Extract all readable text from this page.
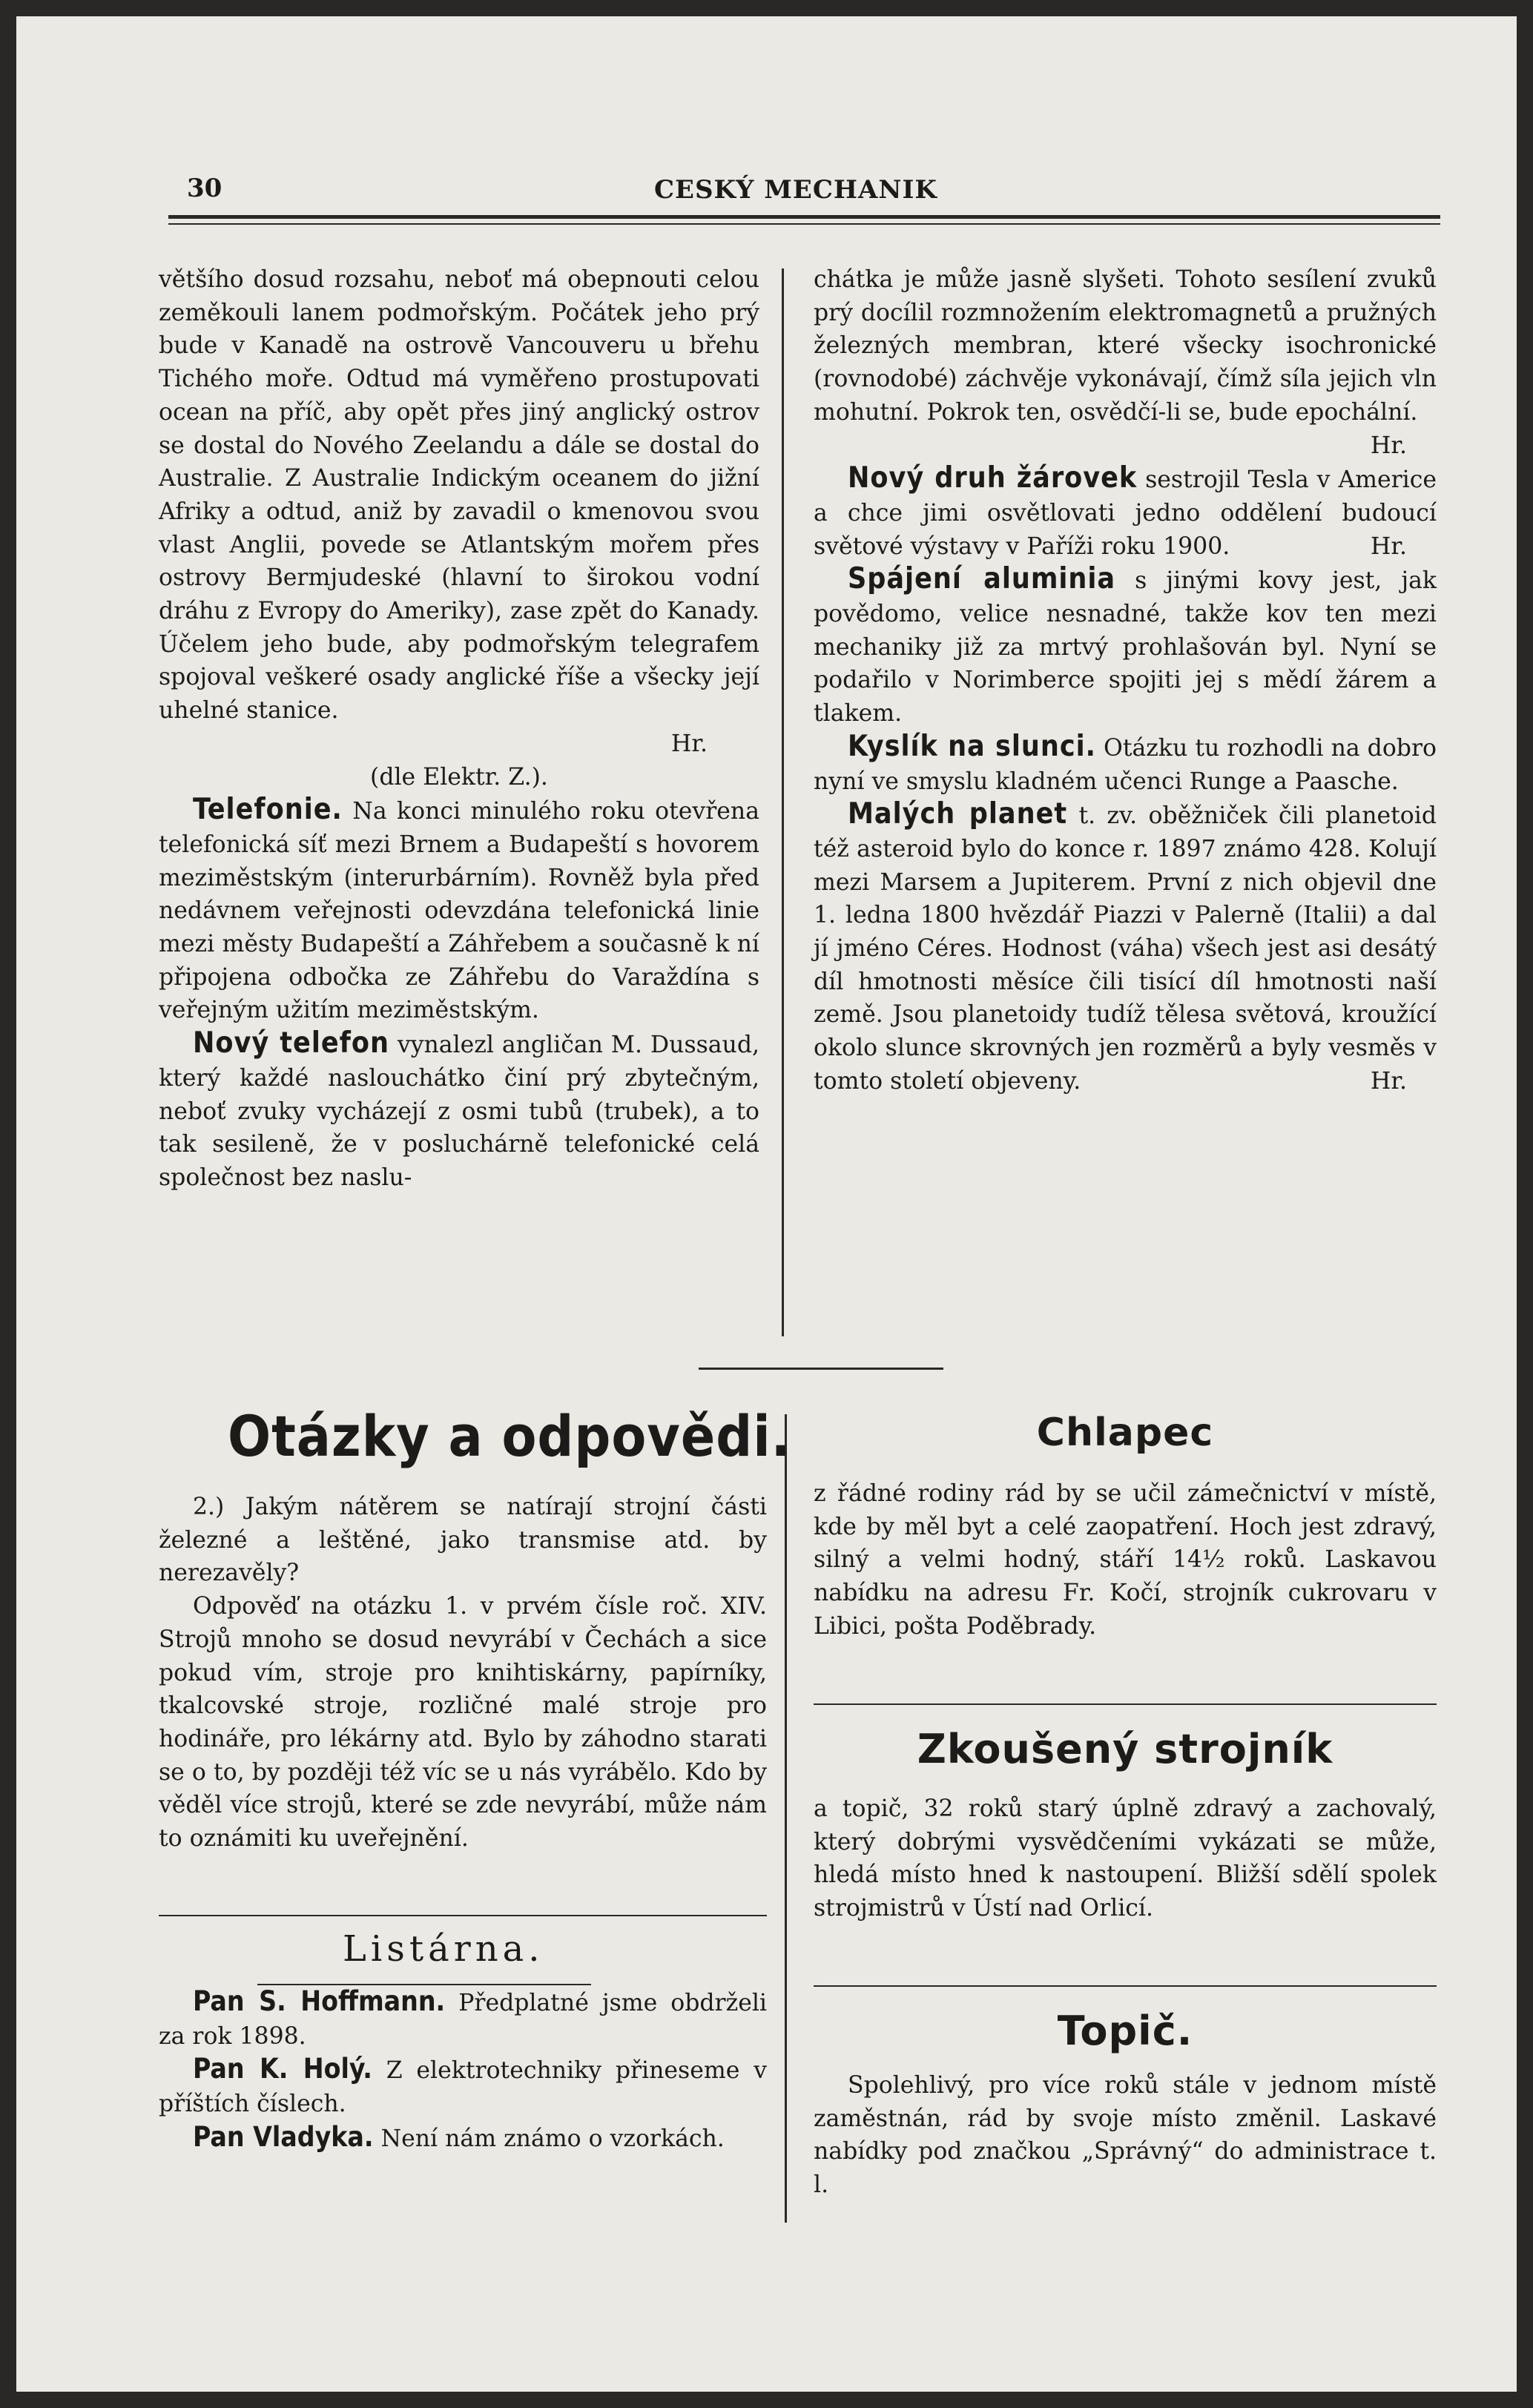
30	CESKÝ MECHANIK

většího dosud rozsahu, neboť má obepnouti celou zeměkouli lanem podmořským. Počátek jeho prý bude v Kanadě na ostrově Vancouveru u břehu Tichého moře. Odtud má vyměřeno prostupovati ocean na příč, aby opět přes jiný anglický ostrov se dostal do Nového Zeelandu a dále se dostal do Australie. Z Australie Indickým oceanem do jižní Afriky a odtud, aniž by zavadil o kmenovou svou vlast Anglii, povede se Atlantským mořem přes ostrovy Bermjudeské (hlavní to širokou vodní dráhu z Evropy do Ameriky), zase zpět do Kanady. Účelem jeho bude, aby podmořským telegrafem spojoval veškeré osady anglické říše a všecky její uhelné stanice.

Hr.

(dle Elektr. Z.).

Telefonie. Na konci minulého roku otevřena telefonická síť mezi Brnem a Budapeští s hovorem meziměstským (interurbárním). Rovněž byla před nedávnem veřejnosti odevzdána telefonická linie mezi městy Budapeští a Záhřebem a současně k ní připojena odbočka ze Záhřebu do Varaždína s veřejným užitím meziměstským.

Nový telefon vynalezl angličan M. Dussaud, který každé naslouchátko činí prý zbytečným, neboť zvuky vycházejí z osmi tubů (trubek), a to tak sesileně, že v posluchárně telefonické celá společnost bez naslu-

chátka je může jasně slyšeti. Tohoto sesílení zvuků prý docílil rozmnožením elektromagnetů a pružných železných membran, které všecky isochronické (rovnodobé) záchvěje vykonávají, čímž síla jejich vln mohutní. Pokrok ten, osvědčí-li se, bude epochální.
Hr.

Nový druh žárovek sestrojil Tesla v Americe a chce jimi osvětlovati jedno oddělení budoucí světové výstavy v Paříži roku 1900.	Hr.

Spájení aluminia s jinými kovy jest, jak povědomo, velice nesnadné, takže kov ten mezi mechaniky již za mrtvý prohlašován byl. Nyní se podařilo v Norimberce spojiti jej s mědí žárem a tlakem.

Kyslík na slunci. Otázku tu rozhodli na dobro nyní ve smyslu kladném učenci Runge a Paasche.

Malých planet t. zv. oběžniček čili planetoid též asteroid bylo do konce r. 1897 známo 428. Kolují mezi Marsem a Jupiterem. První z nich objevil dne 1. ledna 1800 hvězdář Piazzi v Palerně (Italii) a dal jí jméno Céres. Hodnost (váha) všech jest asi desátý díl hmotnosti měsíce čili tisící díl hmotnosti naší země. Jsou planetoidy tudíž tělesa světová, kroužící okolo slunce skrovných jen rozměrů a byly vesměs v tomto století objeveny.	Hr.

Otázky a odpovědi.

2.) Jakým nátěrem se natírají strojní části železné a leštěné, jako transmise atd. by nerezavěly?

Odpověď na otázku 1. v prvém čísle roč. XIV. Strojů mnoho se dosud nevyrábí v Čechách a sice pokud vím, stroje pro knihtiskárny, papírníky, tkalcovské stroje, rozličné malé stroje pro hodináře, pro lékárny atd. Bylo by záhodno starati se o to, by později též víc se u nás vyrábělo. Kdo by věděl více strojů, které se zde nevyrábí, může nám to oznámiti ku uveřejnění.

Listárna.

Pan S. Hoffmann. Předplatné jsme obdrželi za rok 1898.

Pan K. Holý. Z elektrotechniky přineseme v příštích číslech.

Pan Vladyka. Není nám známo o vzorkách.

Chlapec
z řádné rodiny rád by se učil zámečnictví v místě, kde by měl byt a celé zaopatření. Hoch jest zdravý, silný a velmi hodný, stáří 14½ roků. Laskavou nabídku na adresu Fr. Kočí, strojník cukrovaru v Libici, pošta Poděbrady.
Zkoušený strojník
a topič, 32 roků starý úplně zdravý a zachovalý, který dobrými vysvědčeními vykázati se může, hledá místo hned k nastoupení. Bližší sdělí spolek strojmistrů v Ústí nad Orlicí.
Topič.
Spolehlivý, pro více roků stále v jednom místě zaměstnán, rád by svoje místo změnil. Laskavé nabídky pod značkou „Správný“ do administrace t. l.
